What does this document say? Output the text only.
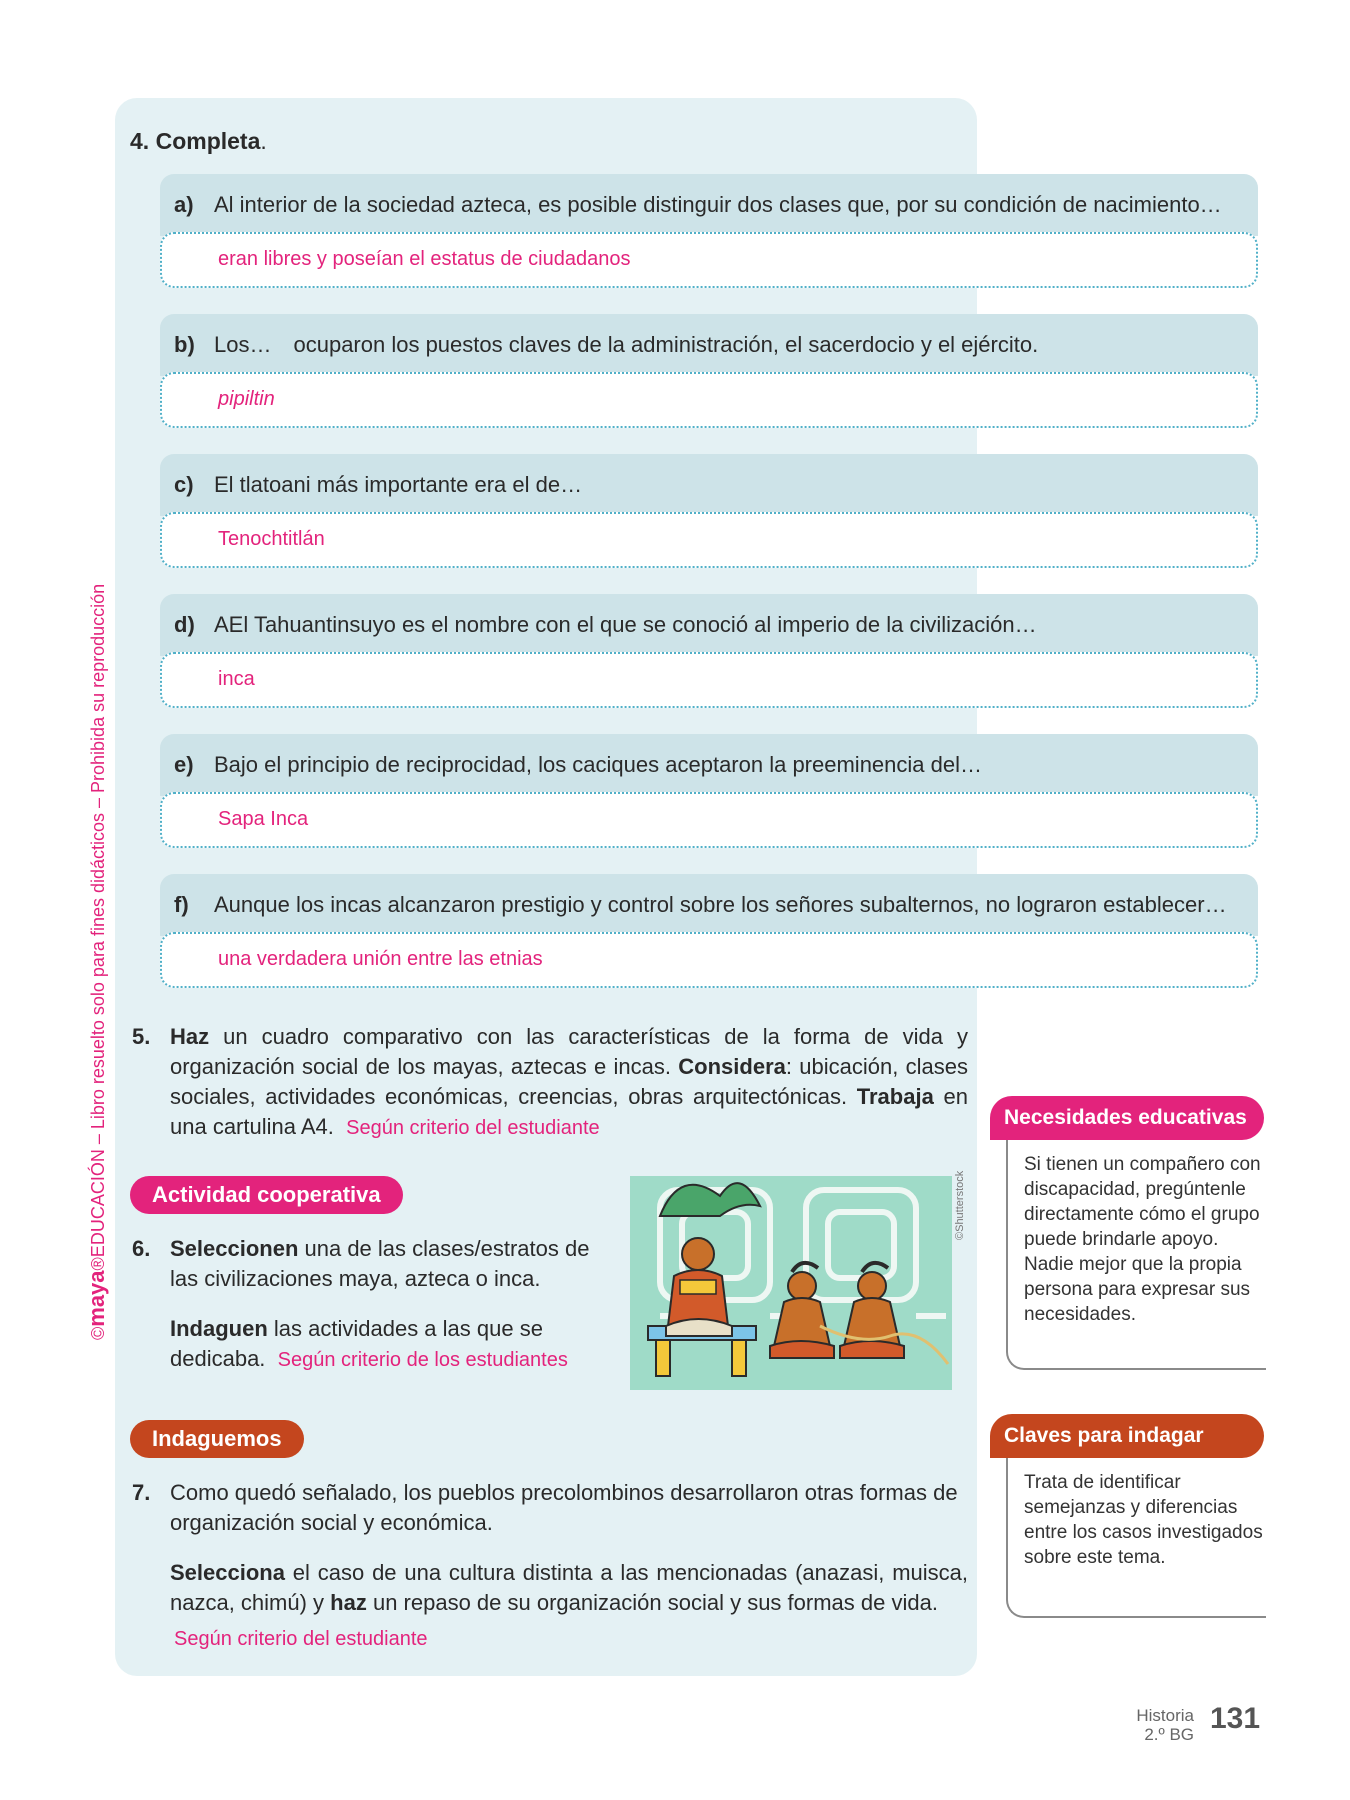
©maya®EDUCACIÓN – Libro resuelto solo para fines didácticos – Prohibida su reproducción
4. Completa.
a) Al interior de la sociedad azteca, es posible distinguir dos clases que, por su condición de nacimiento…
eran libres y poseían el estatus de ciudadanos
b) Los… ocuparon los puestos claves de la administración, el sacerdocio y el ejército.
pipiltin
c) El tlatoani más importante era el de…
Tenochtitlán
d) AEl Tahuantinsuyo es el nombre con el que se conoció al imperio de la civilización…
inca
e) Bajo el principio de reciprocidad, los caciques aceptaron la preeminencia del…
Sapa Inca
f) Aunque los incas alcanzaron prestigio y control sobre los señores subalternos, no lograron establecer…
una verdadera unión entre las etnias
5. Haz un cuadro comparativo con las características de la forma de vida y organización social de los mayas, aztecas e incas. Considera: ubicación, clases sociales, actividades económicas, creencias, obras arquitectónicas. Trabaja en una cartulina A4. Según criterio del estudiante	Necesidades educativas
Si tienen un compañero con discapacidad, pregúntenle directamente cómo el grupo puede brindarle apoyo. Nadie mejor que la propia persona para expresar sus necesidades.
Actividad cooperativa
6. Seleccionen una de las clases/estratos de las civilizaciones maya, azteca o inca.
Indaguen las actividades a las que se dedicaba. Según criterio de los estudiantes
©Shutterstock
Indaguemos
7. Como quedó señalado, los pueblos precolombinos desarrollaron otras formas de organización social y económica.
Selecciona el caso de una cultura distinta a las mencionadas (anazasi, muisca, nazca, chimú) y haz un repaso de su organización social y sus formas de vida.
Según criterio del estudiante
Claves para indagar
Trata de identificar semejanzas y diferencias entre los casos investigados sobre este tema.
Historia
2.º BG 131
